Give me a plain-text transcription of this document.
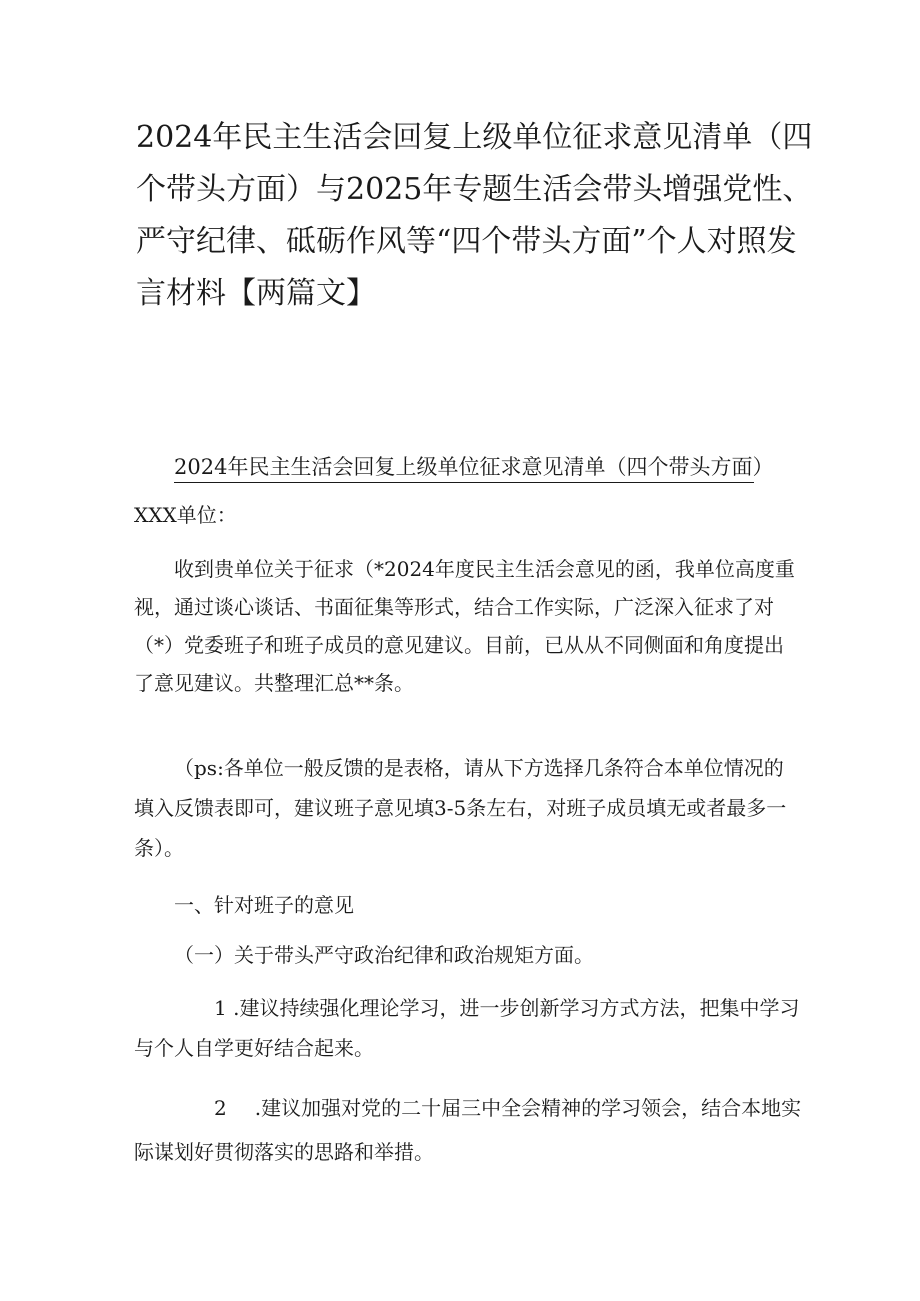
2024年民主生活会回复上级单位征求意见清单（四个带头方面）与2025年专题生活会带头增强党性、严守纪律、砥砺作风等“四个带头方面”个人对照发言材料【两篇文】
2024年民主生活会回复上级单位征求意见清单（四个带头方面）

XXX单位：

收到贵单位关于征求（*2024年度民主生活会意见的函，我单位高度重视，通过谈心谈话、书面征集等形式，结合工作实际，广泛深入征求了对（*）党委班子和班子成员的意见建议。目前，已从从不同侧面和角度提出了意见建议。共整理汇总**条。

（ps:各单位一般反馈的是表格，请从下方选择几条符合本单位情况的填入反馈表即可，建议班子意见填3-5条左右，对班子成员填无或者最多一条）。

一、针对班子的意见

（一）关于带头严守政治纪律和政治规矩方面。

1 .建议持续强化理论学习，进一步创新学习方式方法，把集中学习与个人自学更好结合起来。

2 .建议加强对党的二十届三中全会精神的学习领会，结合本地实际谋划好贯彻落实的思路和举措。
